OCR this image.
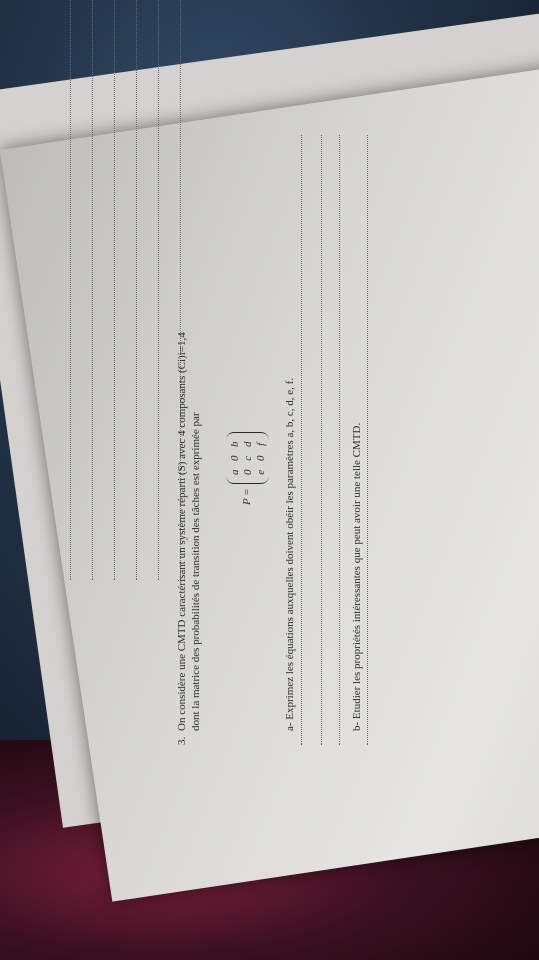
3.
On considère une CMTD caractérisant un système réparti (S) avec 4 composants (Ci)i=1,4 dont la matrice des probabilités de transition des tâches est exprimée par	P =
a
0
b
0
c
d
e
0
f a- Exprimez les équations auxquelles doivent obéir les paramètres a, b, c, d, e, f.	b- Etudier les propriétés intéressantes que peut avoir une telle CMTD.
